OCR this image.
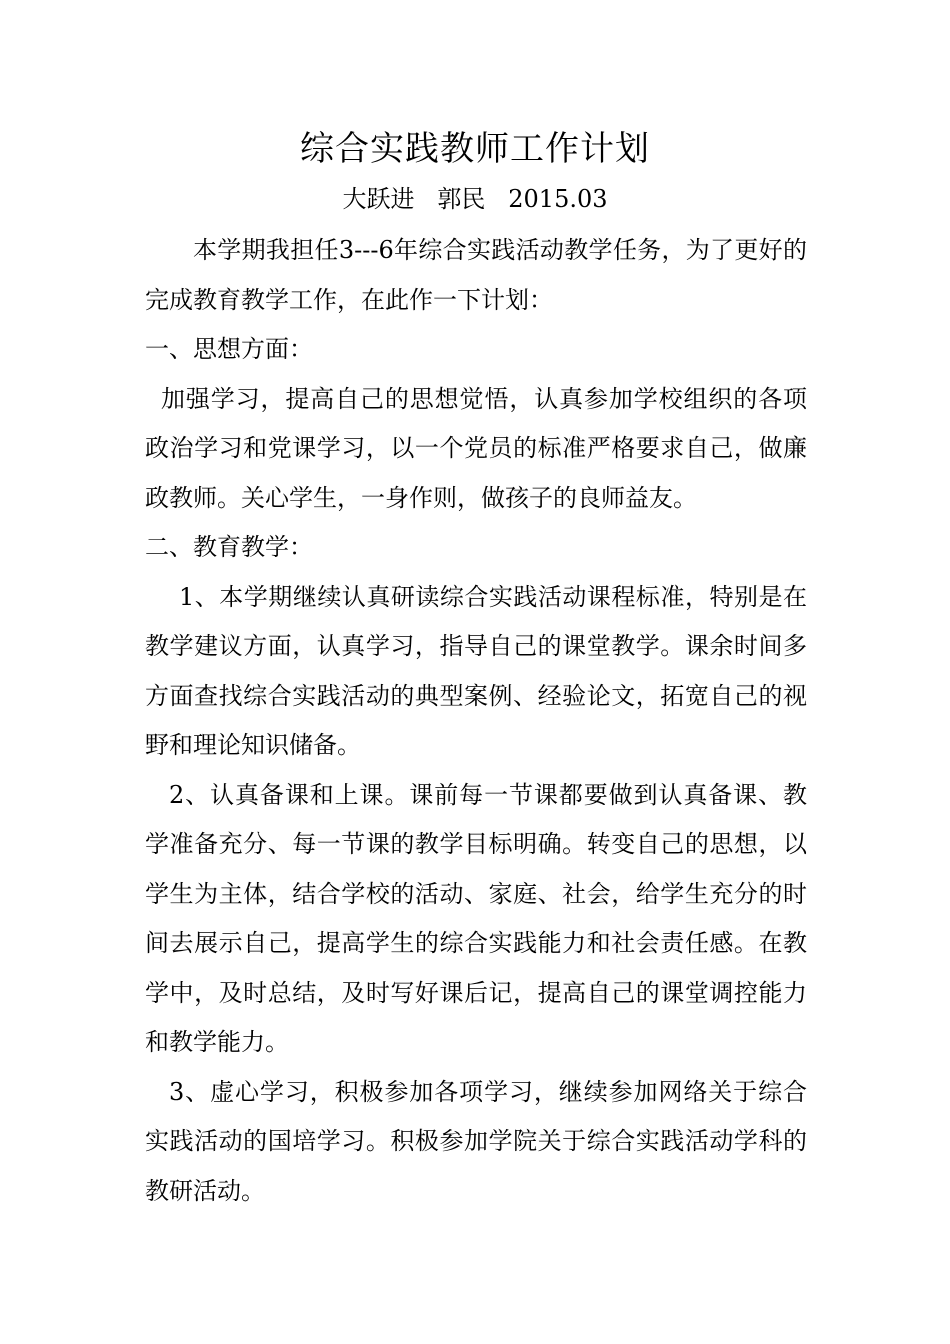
综合实践教师工作计划
大跃进   郭民   2015.03

本学期我担任3---6年综合实践活动教学任务，为了更好的完成教育教学工作，在此作一下计划：

一、思想方面：

加强学习，提高自己的思想觉悟，认真参加学校组织的各项政治学习和党课学习，以一个党员的标准严格要求自己，做廉政教师。关心学生，一身作则，做孩子的良师益友。

二、教育教学：

1、本学期继续认真研读综合实践活动课程标准，特别是在教学建议方面，认真学习，指导自己的课堂教学。课余时间多方面查找综合实践活动的典型案例、经验论文，拓宽自己的视野和理论知识储备。

2、认真备课和上课。课前每一节课都要做到认真备课、教学准备充分、每一节课的教学目标明确。转变自己的思想，以学生为主体，结合学校的活动、家庭、社会，给学生充分的时间去展示自己，提高学生的综合实践能力和社会责任感。在教学中，及时总结，及时写好课后记，提高自己的课堂调控能力和教学能力。

3、虚心学习，积极参加各项学习，继续参加网络关于综合实践活动的国培学习。积极参加学院关于综合实践活动学科的教研活动。
